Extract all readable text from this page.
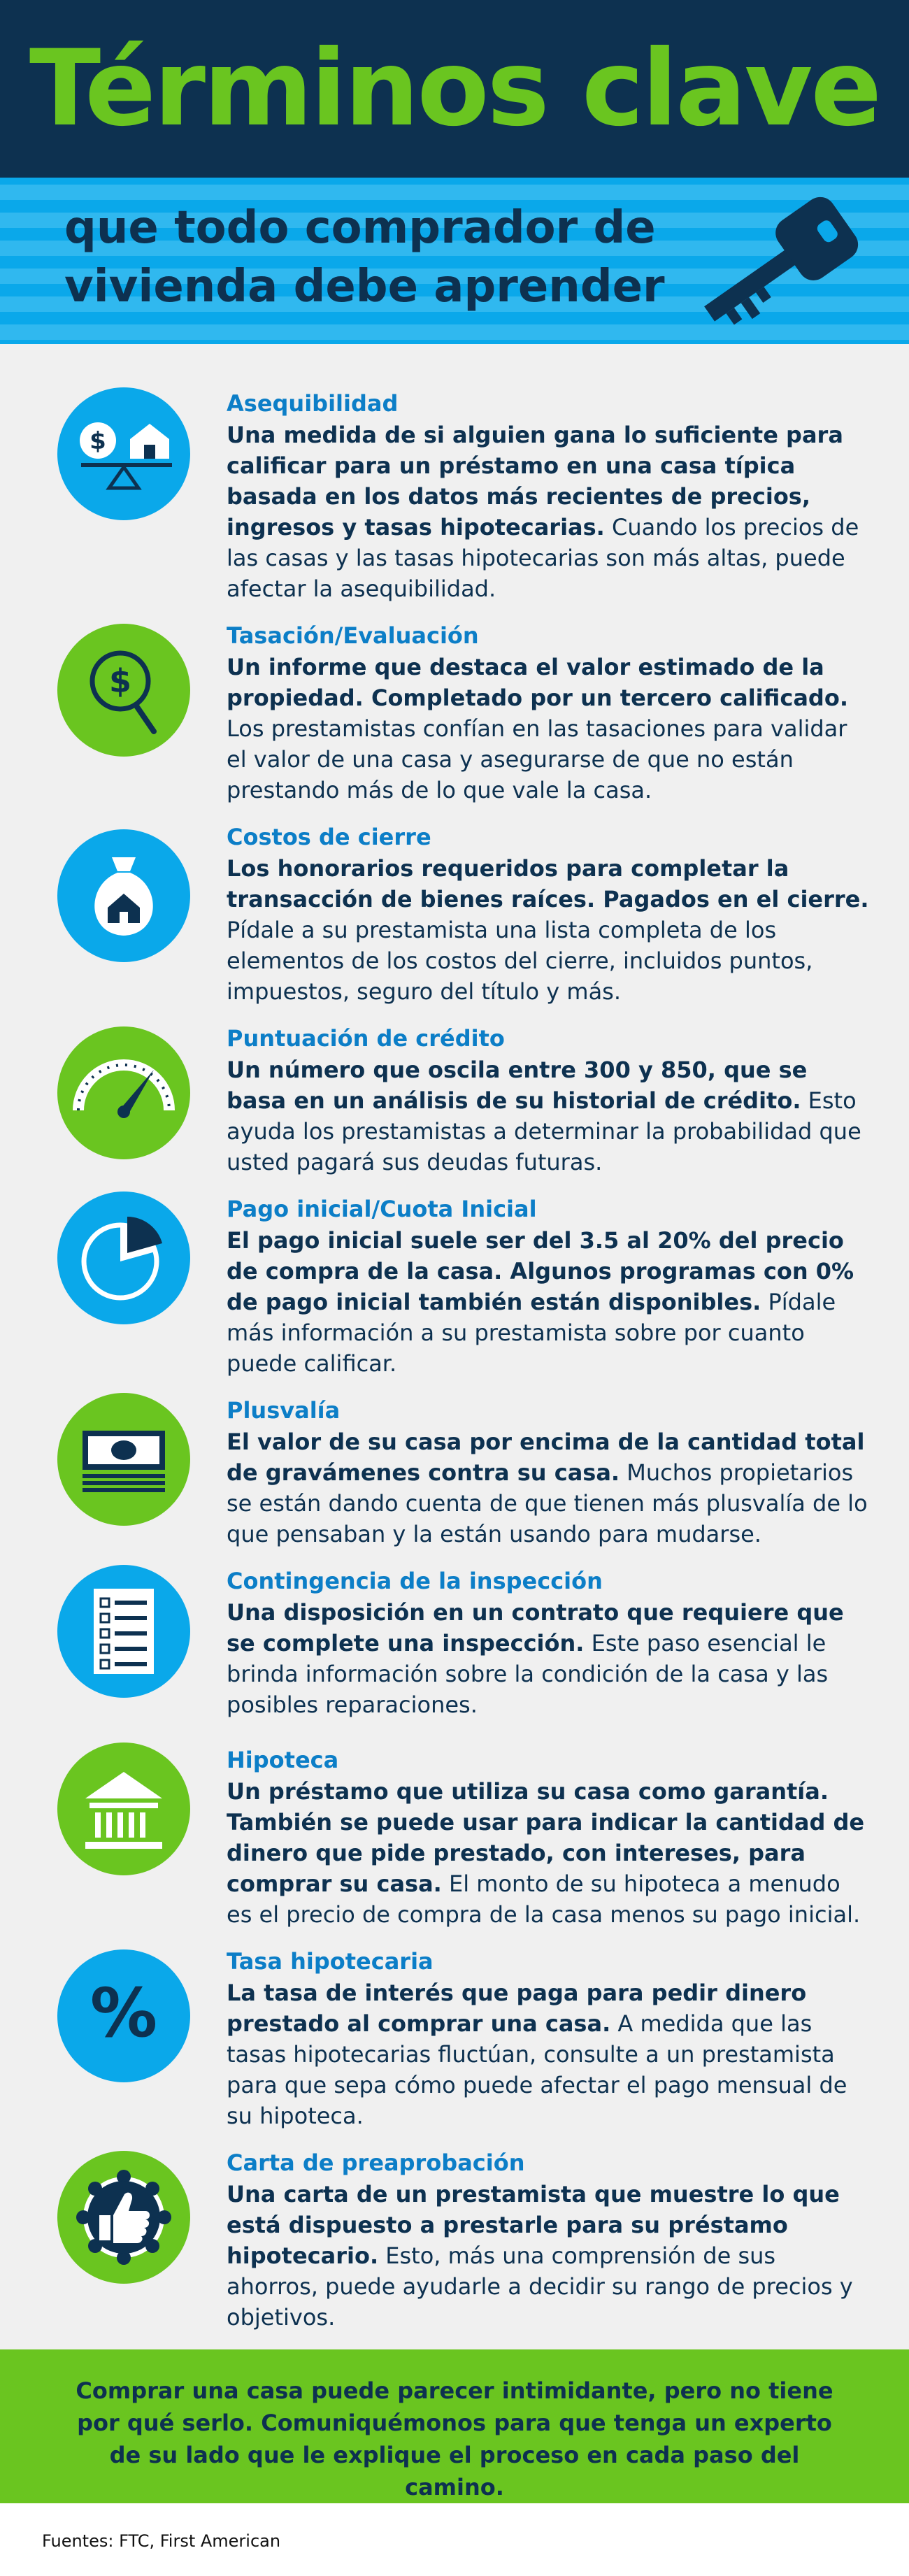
Términos clave
que todo comprador de
vivienda debe aprender
$
Asequibilidad
Una medida de si alguien gana lo suficiente para calificar para un préstamo en una casa típica basada en los datos más recientes de precios, ingresos y tasas hipotecarias. Cuando los precios de las casas y las tasas hipotecarias son más altas, puede afectar la asequibilidad.
$
Tasación/Evaluación
Un informe que destaca el valor estimado de la propiedad. Completado por un tercero calificado. Los prestamistas confían en las tasaciones para validar el valor de una casa y asegurarse de que no están prestando más de lo que vale la casa.
Costos de cierre
Los honorarios requeridos para completar la transacción de bienes raíces. Pagados en el cierre. Pídale a su prestamista una lista completa de los elementos de los costos del cierre, incluidos puntos, impuestos, seguro del título y más.
Puntuación de crédito
Un número que oscila entre 300 y 850, que se basa en un análisis de su historial de crédito. Esto ayuda los prestamistas a determinar la probabilidad que usted pagará sus deudas futuras.
Pago inicial/Cuota Inicial
El pago inicial suele ser del 3.5 al 20% del precio de compra de la casa. Algunos programas con 0% de pago inicial también están disponibles. Pídale más información a su prestamista sobre por cuanto puede calificar.
Plusvalía
El valor de su casa por encima de la cantidad total de gravámenes contra su casa. Muchos propietarios se están dando cuenta de que tienen más plusvalía de lo que pensaban y la están usando para mudarse.
Contingencia de la inspección
Una disposición en un contrato que requiere que se complete una inspección. Este paso esencial le brinda información sobre la condición de la casa y las posibles reparaciones.
Hipoteca
Un préstamo que utiliza su casa como garantía. También se puede usar para indicar la cantidad de dinero que pide prestado, con intereses, para comprar su casa. El monto de su hipoteca a menudo es el precio de compra de la casa menos su pago inicial.
%
Tasa hipotecaria
La tasa de interés que paga para pedir dinero prestado al comprar una casa. A medida que las tasas hipotecarias fluctúan, consulte a un prestamista para que sepa cómo puede afectar el pago mensual de su hipoteca.
Carta de preaprobación
Una carta de un prestamista que muestre lo que está dispuesto a prestarle para su préstamo hipotecario. Esto, más una comprensión de sus ahorros, puede ayudarle a decidir su rango de precios y objetivos.
Comprar una casa puede parecer intimidante, pero no tiene por qué serlo. Comuniquémonos para que tenga un experto de su lado que le explique el proceso en cada paso del camino.
Fuentes: FTC, First American
